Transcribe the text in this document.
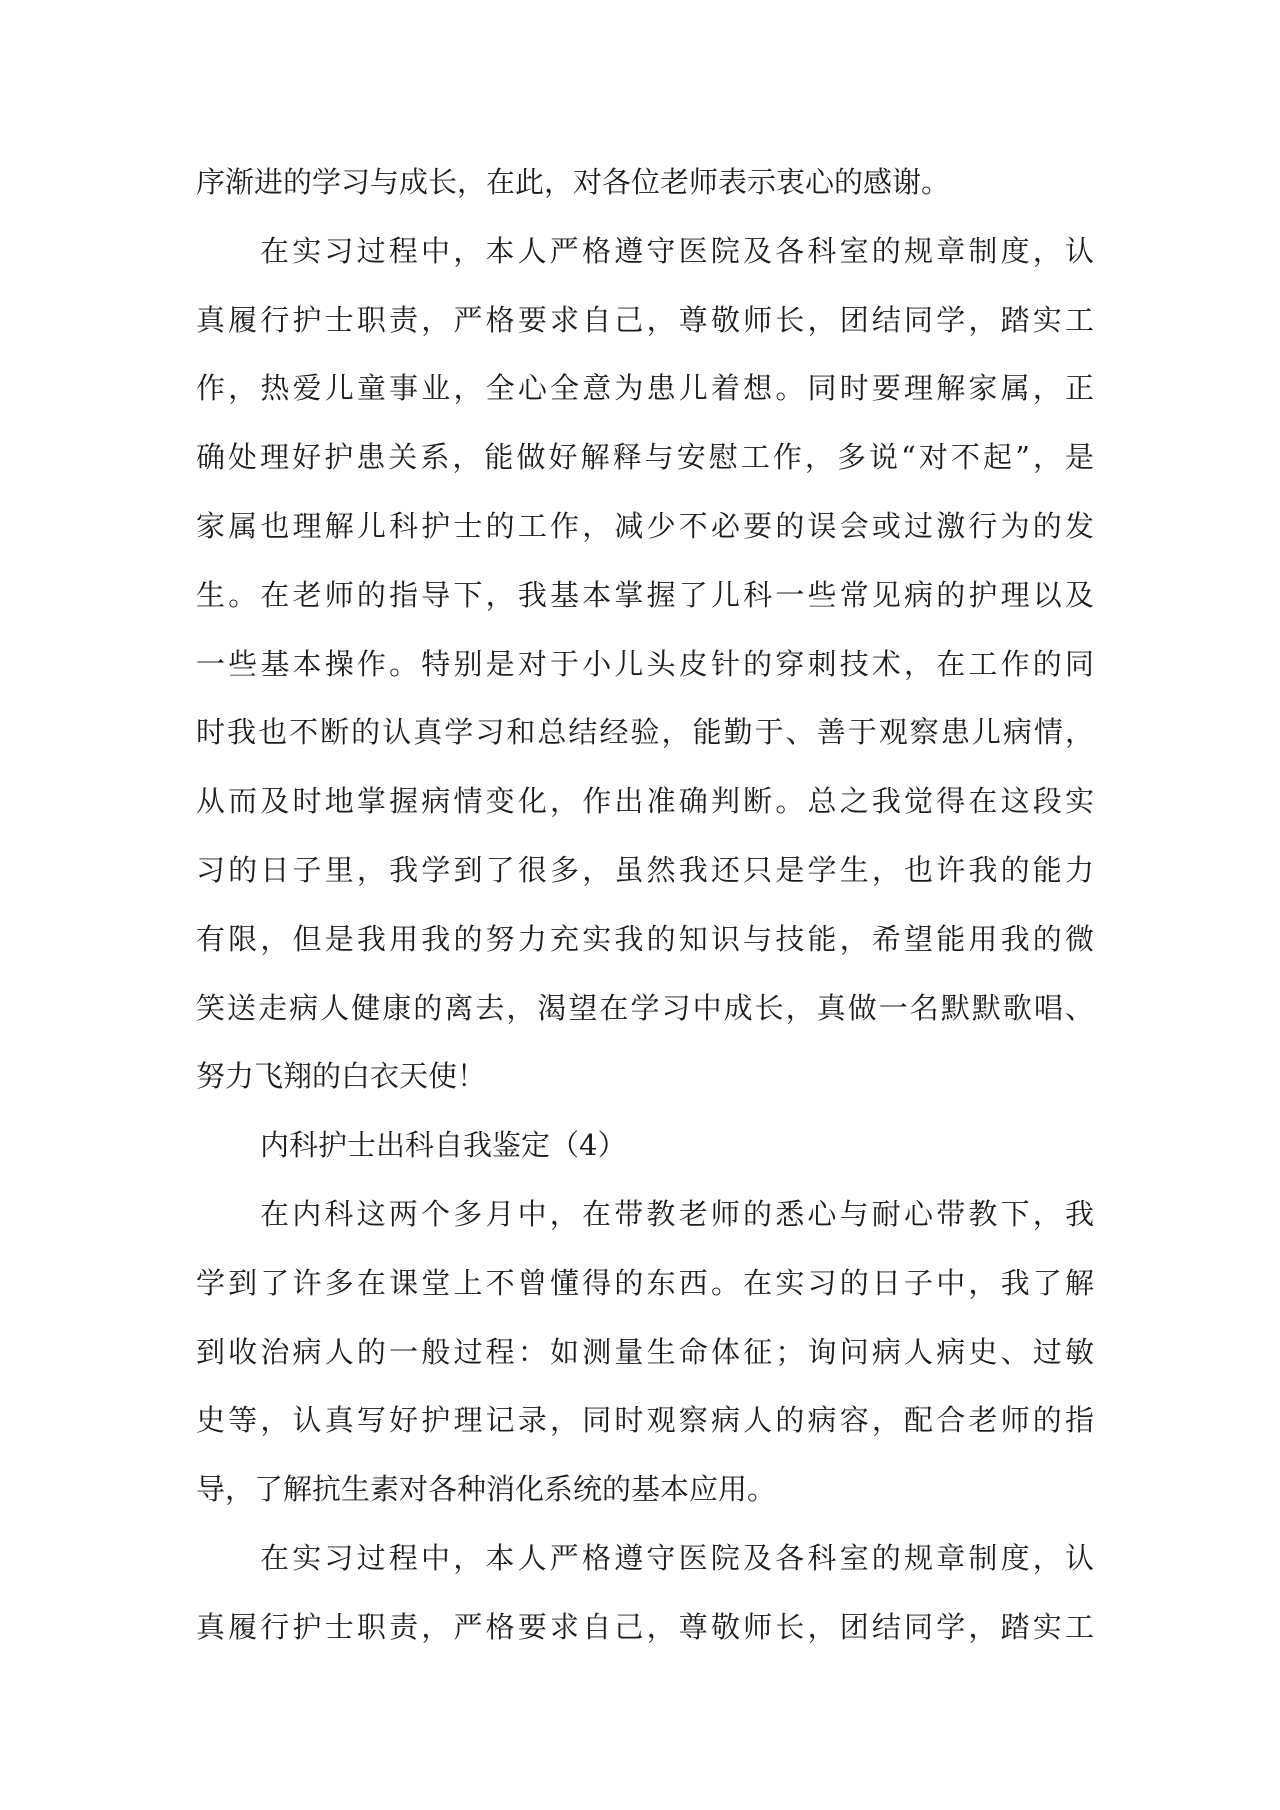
序渐进的学习与成长，在此，对各位老师表示衷心的感谢。
在实习过程中，本人严格遵守医院及各科室的规章制度，认
真履行护士职责，严格要求自己，尊敬师长，团结同学，踏实工
作，热爱儿童事业，全心全意为患儿着想。同时要理解家属，正
确处理好护患关系，能做好解释与安慰工作，多说“对不起”，是
家属也理解儿科护士的工作，减少不必要的误会或过激行为的发
生。在老师的指导下，我基本掌握了儿科一些常见病的护理以及
一些基本操作。特别是对于小儿头皮针的穿刺技术，在工作的同
时我也不断的认真学习和总结经验，能勤于、善于观察患儿病情，
从而及时地掌握病情变化，作出准确判断。总之我觉得在这段实
习的日子里，我学到了很多，虽然我还只是学生，也许我的能力
有限，但是我用我的努力充实我的知识与技能，希望能用我的微
笑送走病人健康的离去，渴望在学习中成长，真做一名默默歌唱、
努力飞翔的白衣天使！
内科护士出科自我鉴定（4）
在内科这两个多月中，在带教老师的悉心与耐心带教下，我
学到了许多在课堂上不曾懂得的东西。在实习的日子中，我了解
到收治病人的一般过程：如测量生命体征；询问病人病史、过敏
史等，认真写好护理记录，同时观察病人的病容，配合老师的指
导，了解抗生素对各种消化系统的基本应用。
在实习过程中，本人严格遵守医院及各科室的规章制度，认
真履行护士职责，严格要求自己，尊敬师长，团结同学，踏实工
